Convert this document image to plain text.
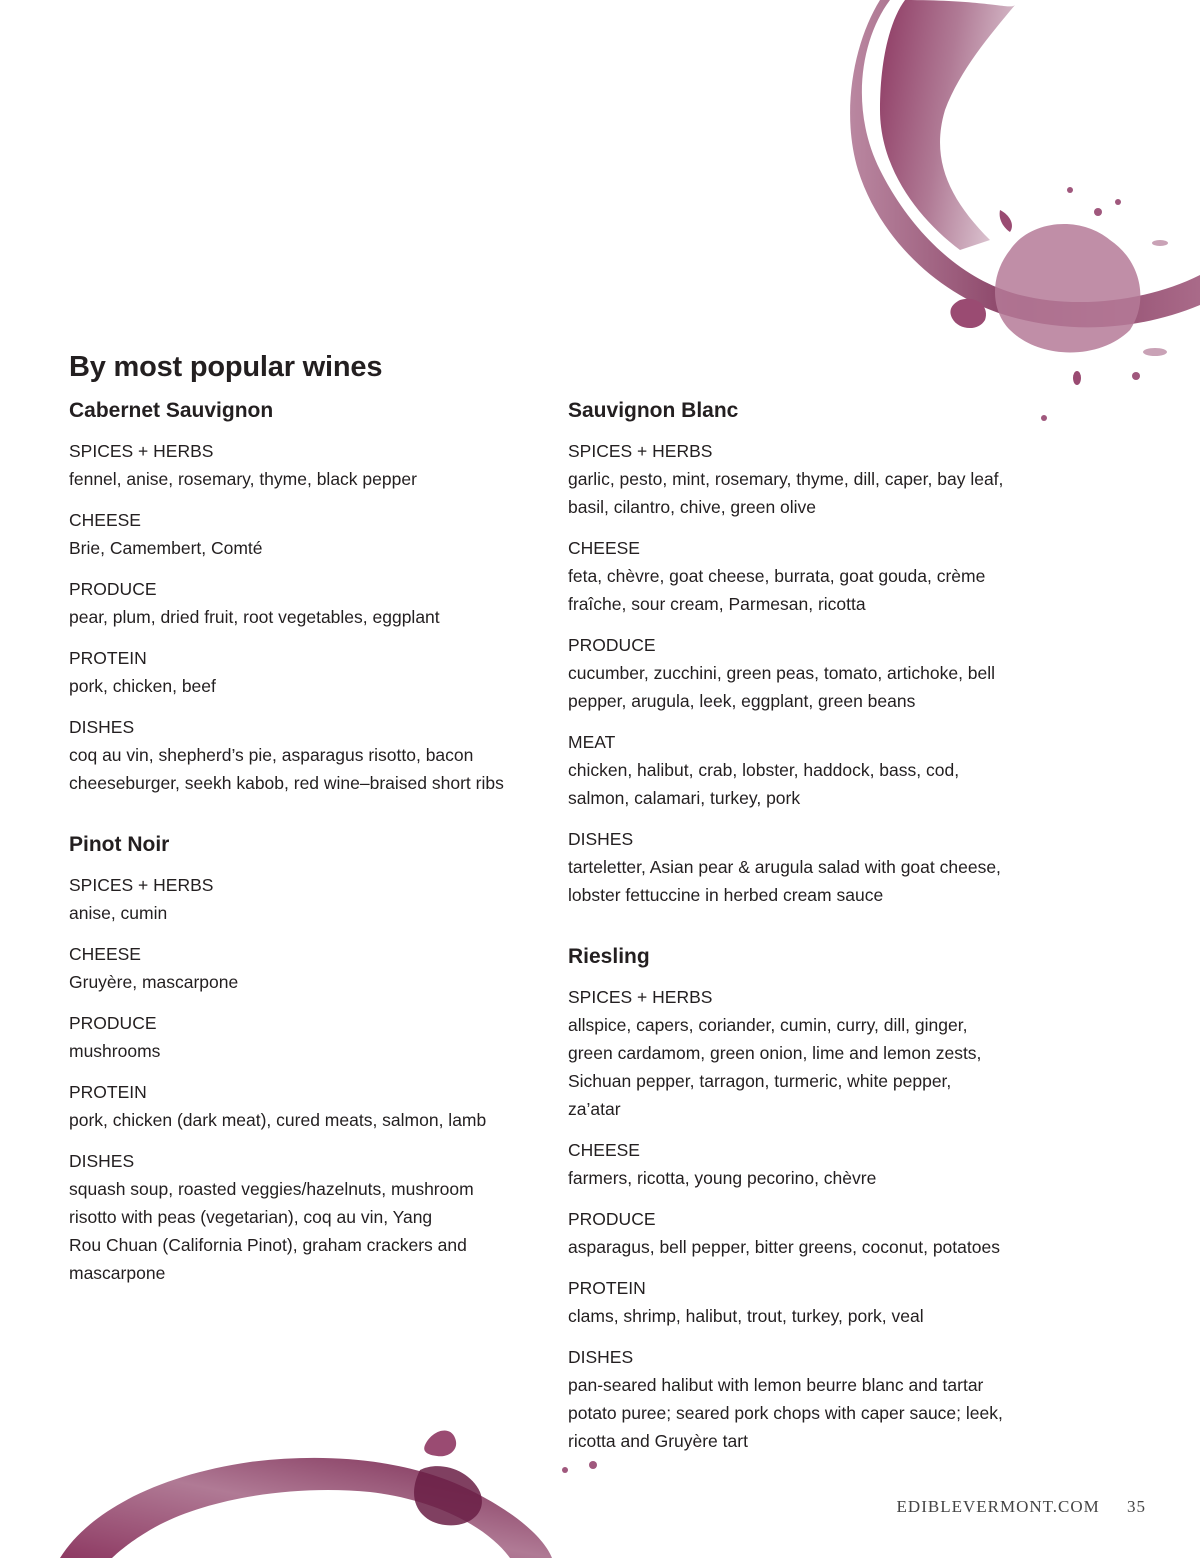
By most popular wines
Cabernet Sauvignon
SPICES + HERBS
fennel, anise, rosemary, thyme, black pepper
CHEESE
Brie, Camembert, Comté
PRODUCE
pear, plum, dried fruit, root vegetables, eggplant
PROTEIN
pork, chicken, beef
DISHES
coq au vin, shepherd’s pie, asparagus risotto, bacon
cheeseburger, seekh kabob, red wine–braised short ribs
Pinot Noir
SPICES + HERBS
anise, cumin
CHEESE
Gruyère, mascarpone
PRODUCE
mushrooms
PROTEIN
pork, chicken (dark meat), cured meats, salmon, lamb
DISHES
squash soup, roasted veggies/hazelnuts, mushroom
risotto with peas (vegetarian), coq au vin, Yang
Rou Chuan (California Pinot), graham crackers and
mascarpone
Sauvignon Blanc
SPICES + HERBS
garlic, pesto, mint, rosemary, thyme, dill, caper, bay leaf,
basil, cilantro, chive, green olive
CHEESE
feta, chèvre, goat cheese, burrata, goat gouda, crème
fraîche, sour cream, Parmesan, ricotta
PRODUCE
cucumber, zucchini, green peas, tomato, artichoke, bell
pepper, arugula, leek, eggplant, green beans
MEAT
chicken, halibut, crab, lobster, haddock, bass, cod,
salmon, calamari, turkey, pork
DISHES
tarteletter, Asian pear & arugula salad with goat cheese,
lobster fettuccine in herbed cream sauce
Riesling
SPICES + HERBS
allspice, capers, coriander, cumin, curry, dill, ginger,
green cardamom, green onion, lime and lemon zests,
Sichuan pepper, tarragon, turmeric, white pepper,
za’atar
CHEESE
farmers, ricotta, young pecorino, chèvre
PRODUCE
asparagus, bell pepper, bitter greens, coconut, potatoes
PROTEIN
clams, shrimp, halibut, trout, turkey, pork, veal
DISHES
pan-seared halibut with lemon beurre blanc and tartar
potato puree; seared pork chops with caper sauce; leek,
ricotta and Gruyère tart
EDIBLEVERMONT.COM 35
